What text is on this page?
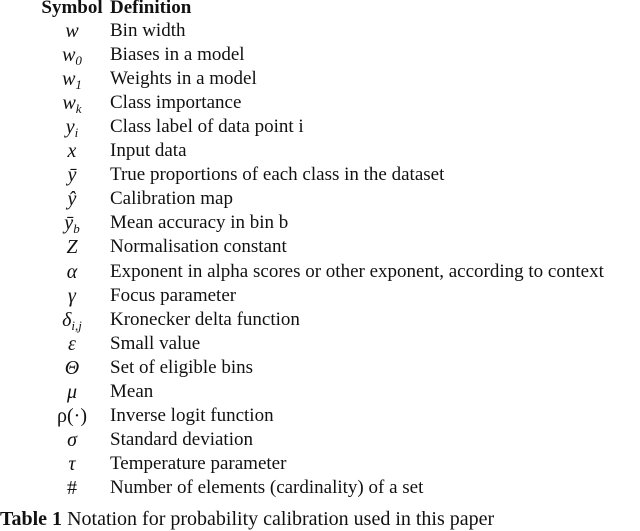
Symbol Definition
w	Bin width
$w_0$	Biases in a model
$w_1$	Weights in a model
$w_k$	Class importance
$y_i$	Class label of data point i
x	Input data
ȳ	True proportions of each class in the dataset
ŷ	Calibration map
$ȳ_b$	Mean accuracy in bin b
Z	Normalisation constant
α	Exponent in alpha scores or other exponent, according to context
γ	Focus parameter
$\delta_{i,j}$	Kronecker delta function
ε	Small value
Θ	Set of eligible bins
μ	Mean
ρ(·)	Inverse logit function
σ	Standard deviation
τ	Temperature parameter
#	Number of elements (cardinality) of a set
Table 1 Notation for probability calibration used in this paper
